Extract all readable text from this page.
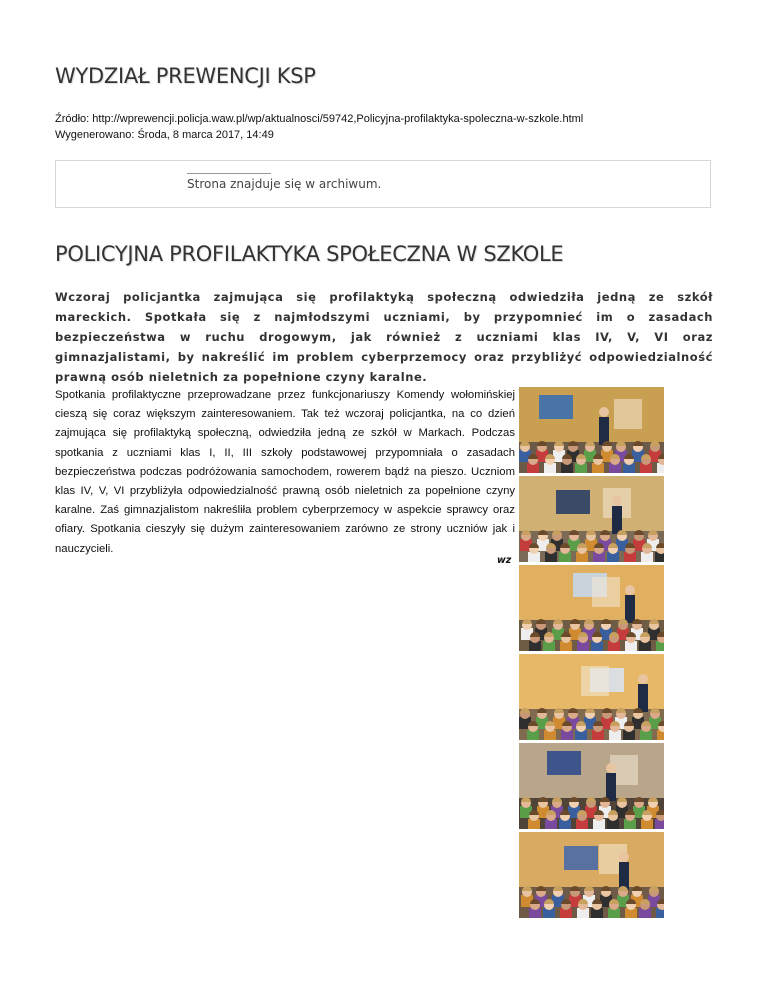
WYDZIAŁ PREWENCJI KSP
Źródło: http://wprewencji.policja.waw.pl/wp/aktualnosci/59742,Policyjna-profilaktyka-spoleczna-w-szkole.html
Wygenerowano: Środa, 8 marca 2017, 14:49
Strona znajduje się w archiwum.
POLICYJNA PROFILAKTYKA SPOŁECZNA W SZKOLE

Wczoraj policjantka zajmująca się profilaktyką społeczną odwiedziła jedną ze szkół mareckich. Spotkała się z najmłodszymi uczniami, by przypomnieć im o zasadach bezpieczeństwa w ruchu drogowym, jak również z uczniami klas IV, V, VI oraz gimnazjalistami, by nakreślić im problem cyberprzemocy oraz przybliżyć odpowiedzialność prawną osób nieletnich za popełnione czyny karalne.

Spotkania profilaktyczne przeprowadzane przez funkcjonariuszy Komendy wołomińskiej cieszą się coraz większym zainteresowaniem. Tak też wczoraj policjantka, na co dzień zajmująca się profilaktyką społeczną, odwiedziła jedną ze szkół w Markach. Podczas spotkania z uczniami klas I, II, III szkoły podstawowej przypomniała o zasadach bezpieczeństwa podczas podróżowania samochodem, rowerem bądź na pieszo. Uczniom klas IV, V, VI przybliżyła odpowiedzialność prawną osób nieletnich za popełnione czyny karalne. Zaś gimnazjalistom nakreśliła problem cyberprzemocy w aspekcie sprawcy oraz ofiary. Spotkania cieszyły się dużym zainteresowaniem zarówno ze strony uczniów jak i nauczycieli.

wz
